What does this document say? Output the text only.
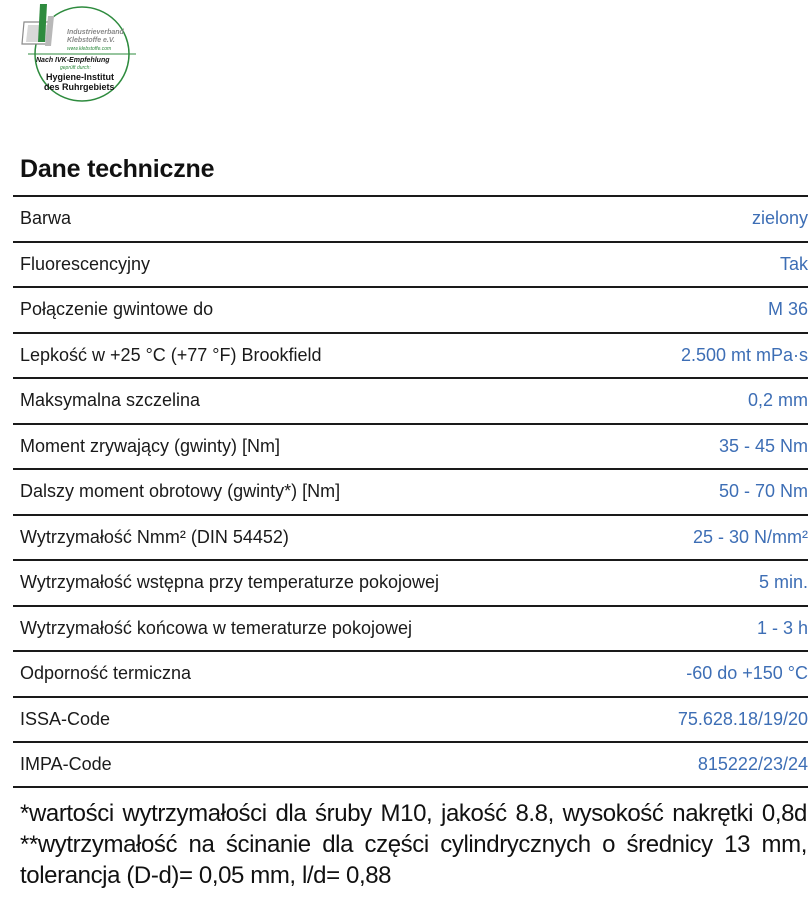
Industrieverband
Klebstoffe e.V.
www.klebstoffe.com
Nach IVK-Empfehlung
geprüft durch:
Hygiene-Institut
des Ruhrgebiets
Dane techniczne
Barwa	zielony
Fluorescencyjny	Tak
Połączenie gwintowe do	M 36
Lepkość w +25 °C (+77 °F) Brookfield	2.500 mt mPa·s
Maksymalna szczelina	0,2 mm
Moment zrywający (gwinty) [Nm]	35 - 45 Nm
Dalszy moment obrotowy (gwinty*) [Nm]	50 - 70 Nm
Wytrzymałość Nmm² (DIN 54452)	25 - 30 N/mm²
Wytrzymałość wstępna przy temperaturze pokojowej	5 min.
Wytrzymałość końcowa w temeraturze pokojowej	1 - 3 h
Odporność termiczna	-60 do +150 °C
ISSA-Code	75.628.18/19/20
IMPA-Code	815222/23/24
*wartości wytrzymałości dla śruby M10, jakość 8.8, wysokość nakrętki 0,8d **wytrzymałość na ścinanie dla części cylindrycznych o średnicy 13 mm, tolerancja (D-d)= 0,05 mm, l/d= 0,88
